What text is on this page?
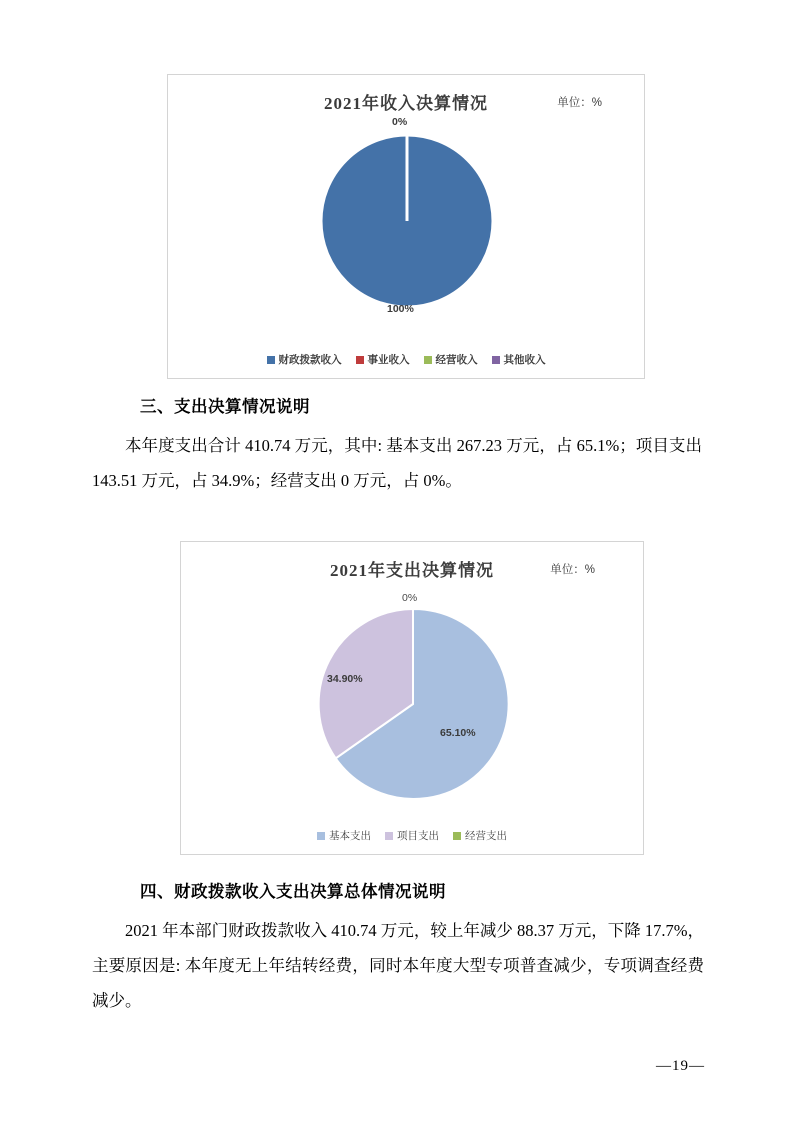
2021年收入决算情况	单位：%
0%
100%
财政拨款收入 事业收入 经营收入 其他收入
三、支出决算情况说明
本年度支出合计 410.74 万元，其中: 基本支出 267.23 万元，占 65.1%；项目支出 143.51 万元，占 34.9%；经营支出 0 万元，占 0%。
2021年支出决算情况	单位：%
0%
34.90%
65.10%
基本支出 项目支出 经营支出
四、财政拨款收入支出决算总体情况说明
2021 年本部门财政拨款收入 410.74 万元，较上年减少 88.37 万元，下降 17.7%，主要原因是: 本年度无上年结转经费，同时本年度大型专项普查减少，专项调查经费减少。
—19—
